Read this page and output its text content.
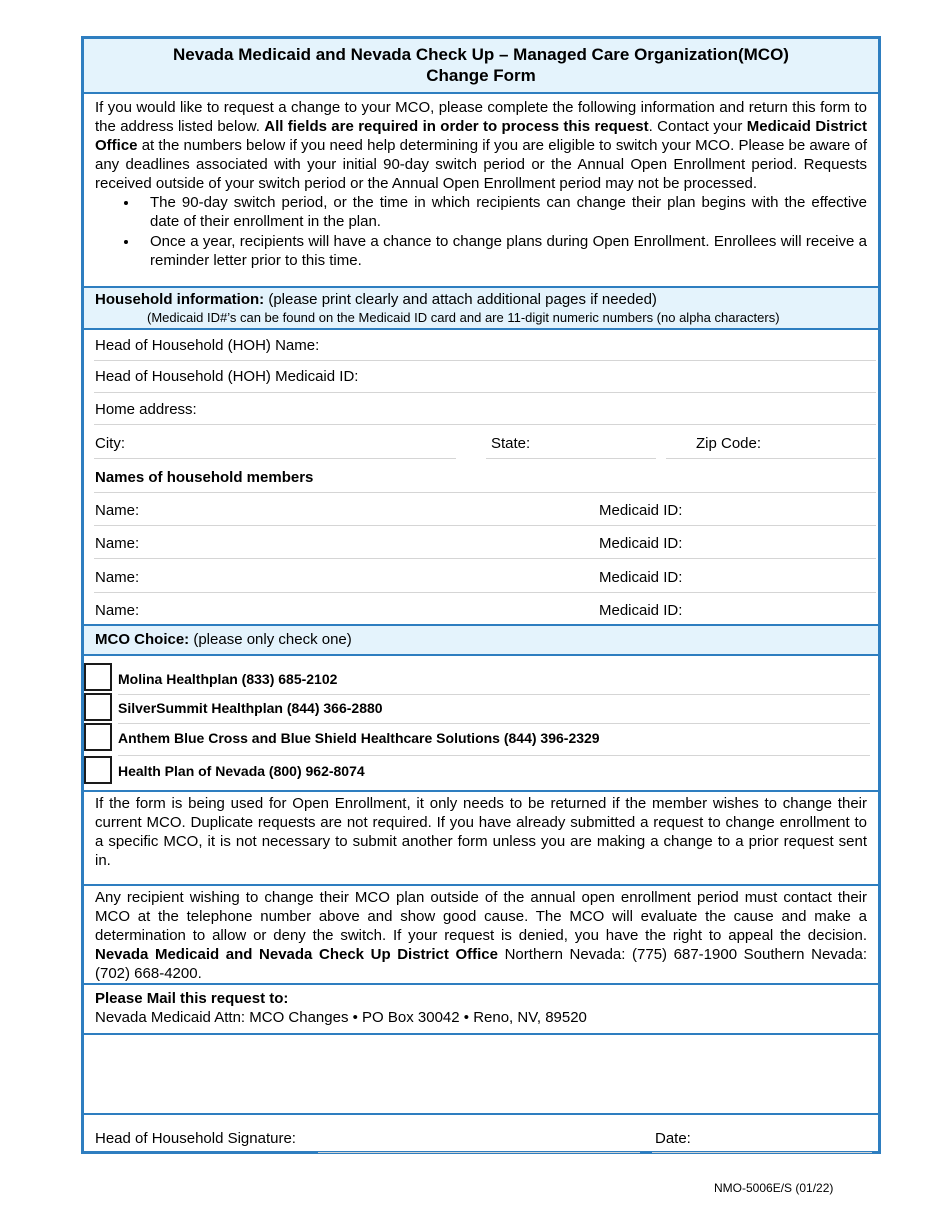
Nevada Medicaid and Nevada Check Up – Managed Care Organization(MCO)
Change Form

If you would like to request a change to your MCO, please complete the following information and return this form to the address listed below. All fields are required in order to process this request. Contact your Medicaid District Office at the numbers below if you need help determining if you are eligible to switch your MCO. Please be aware of any deadlines associated with your initial 90-day switch period or the Annual Open Enrollment period. Requests received outside of your switch period or the Annual Open Enrollment period may not be processed.

• The 90-day switch period, or the time in which recipients can change their plan begins with the effective date of their enrollment in the plan.
• Once a year, recipients will have a chance to change plans during Open Enrollment. Enrollees will receive a reminder letter prior to this time.
Household information: (please print clearly and attach additional pages if needed)
(Medicaid ID#’s can be found on the Medicaid ID card and are 11-digit numeric numbers (no alpha characters)
Head of Household (HOH) Name:
Head of Household (HOH) Medicaid ID:
Home address:
City:	State:	Zip Code:
Names of household members
Name:	Medicaid ID:
Name:	Medicaid ID:
Name:	Medicaid ID:
Name:	Medicaid ID:
MCO Choice: (please only check one)
Molina Healthplan (833) 685-2102
SilverSummit Healthplan (844) 366-2880
Anthem Blue Cross and Blue Shield Healthcare Solutions (844) 396-2329
Health Plan of Nevada (800) 962-8074
If the form is being used for Open Enrollment, it only needs to be returned if the member wishes to change their current MCO. Duplicate requests are not required. If you have already submitted a request to change enrollment to a specific MCO, it is not necessary to submit another form unless you are making a change to a prior request sent in.
Any recipient wishing to change their MCO plan outside of the annual open enrollment period must contact their MCO at the telephone number above and show good cause. The MCO will evaluate the cause and make a determination to allow or deny the switch. If your request is denied, you have the right to appeal the decision. Nevada Medicaid and Nevada Check Up District Office Northern Nevada: (775) 687-1900 Southern Nevada: (702) 668-4200.
Please Mail this request to:
Nevada Medicaid Attn: MCO Changes • PO Box 30042 • Reno, NV, 89520
Head of Household Signature:	Date:
NMO-5006E/S (01/22)
